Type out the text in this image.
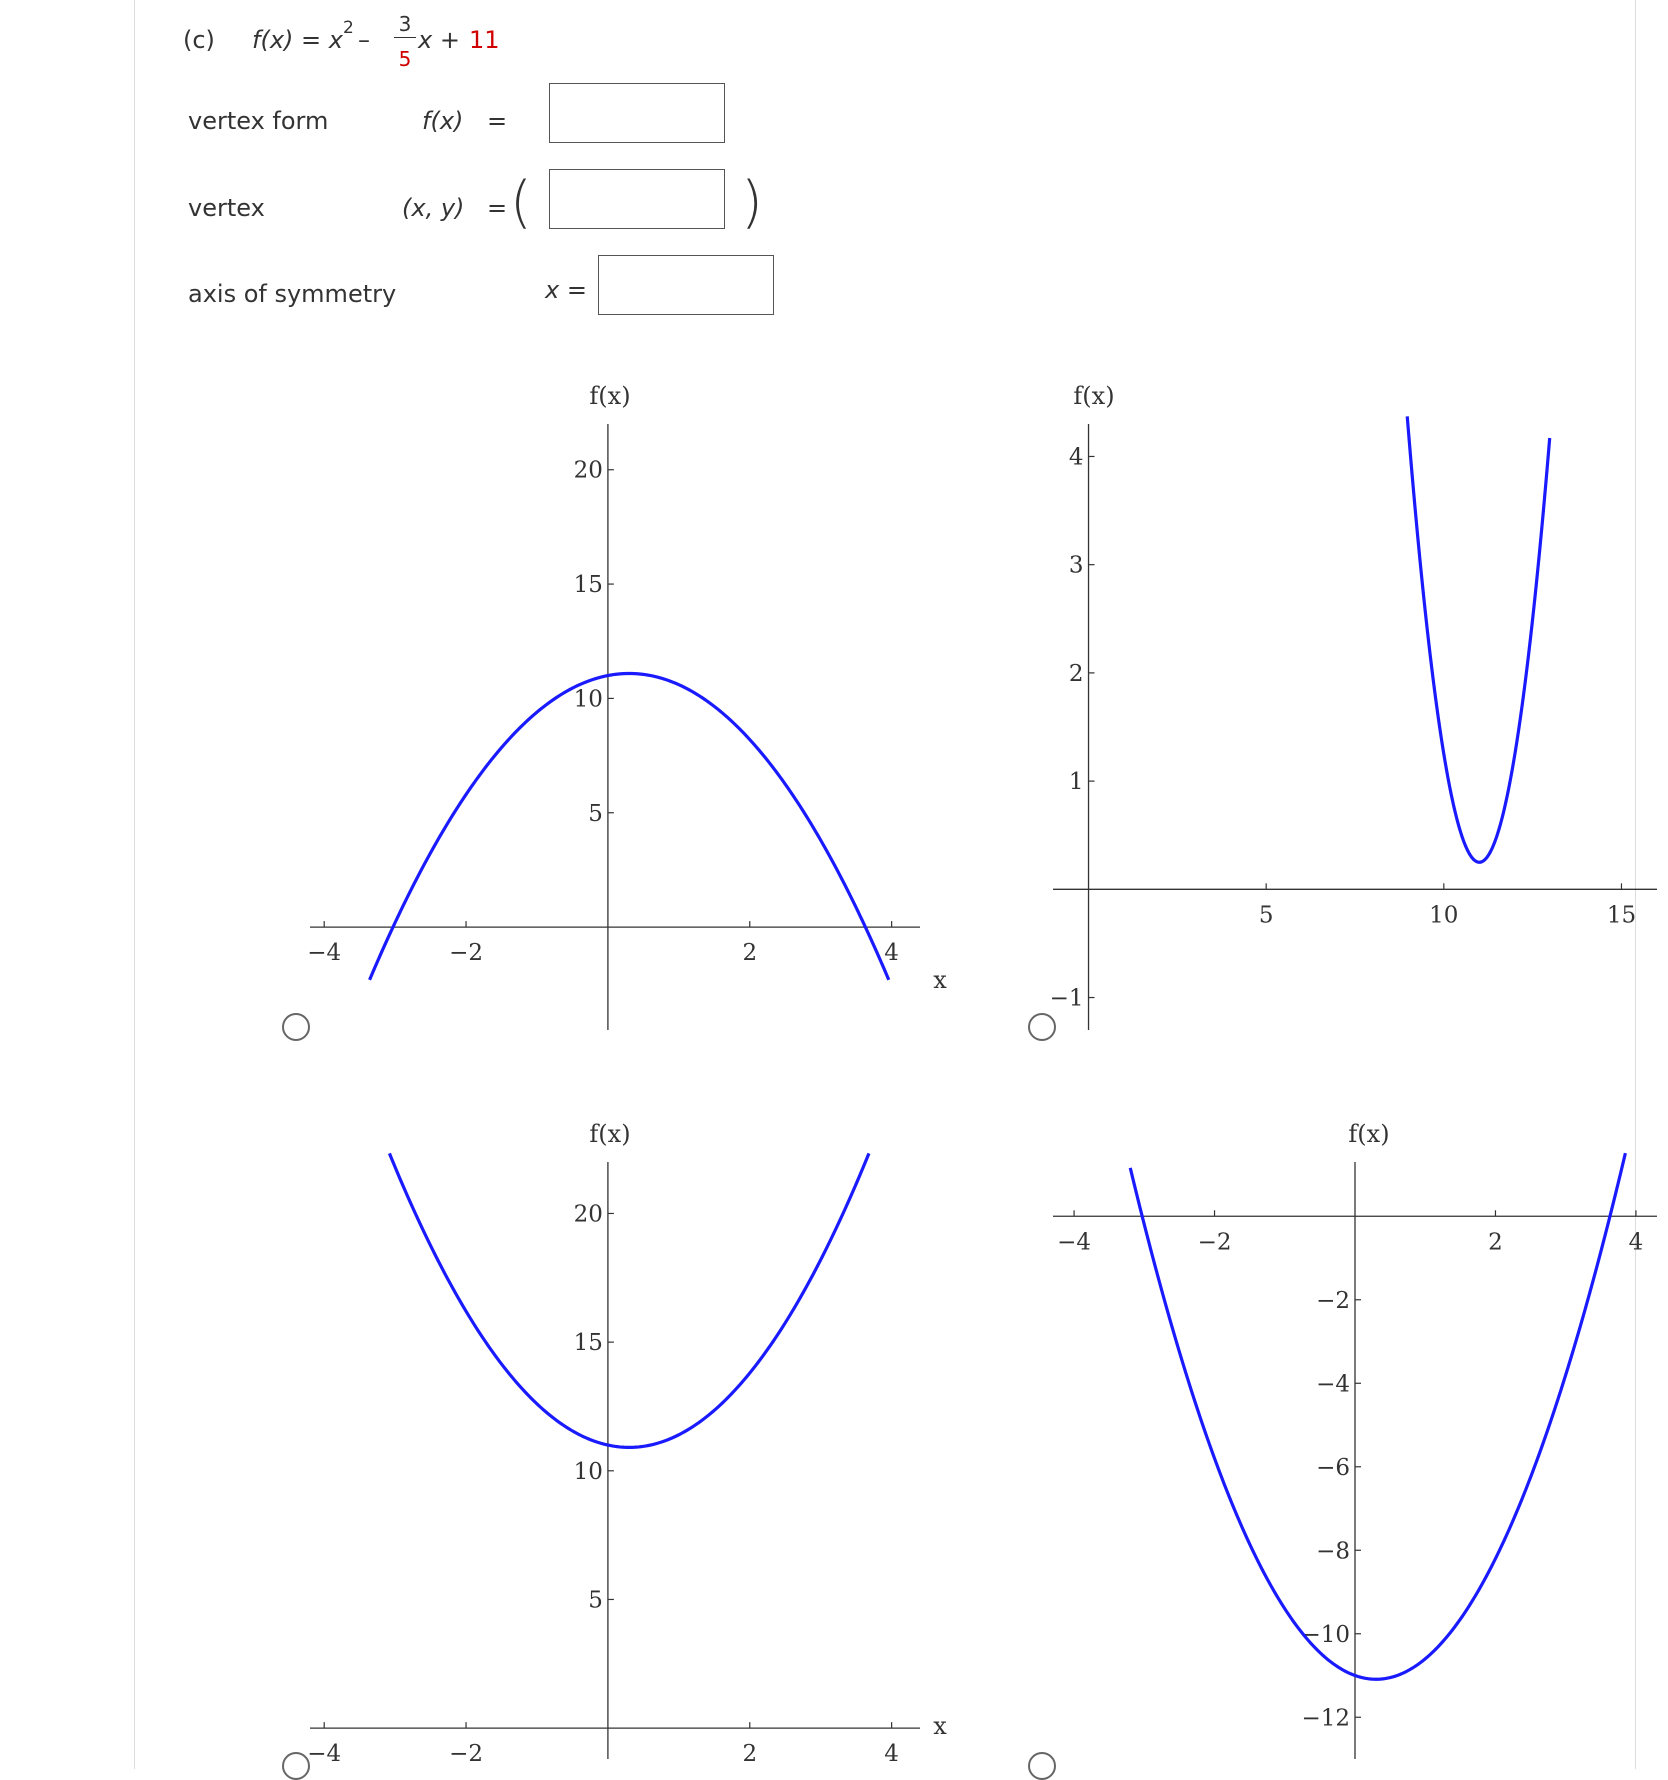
(c) f(x) = x 2 –
3
5
x + 11
vertex form	f(x) =
vertex	(x, y) = (	)
axis of symmetry	x =
−4	−2	2	4
5
10
15
20
f(x)
x
5	10	15
−1
1
2
3
4
f(x)
−4	−2	2	4
5
10
15
20
f(x)
x
−4	−2	2	4
−2
−4
−6
−8
−10
−12
f(x)
